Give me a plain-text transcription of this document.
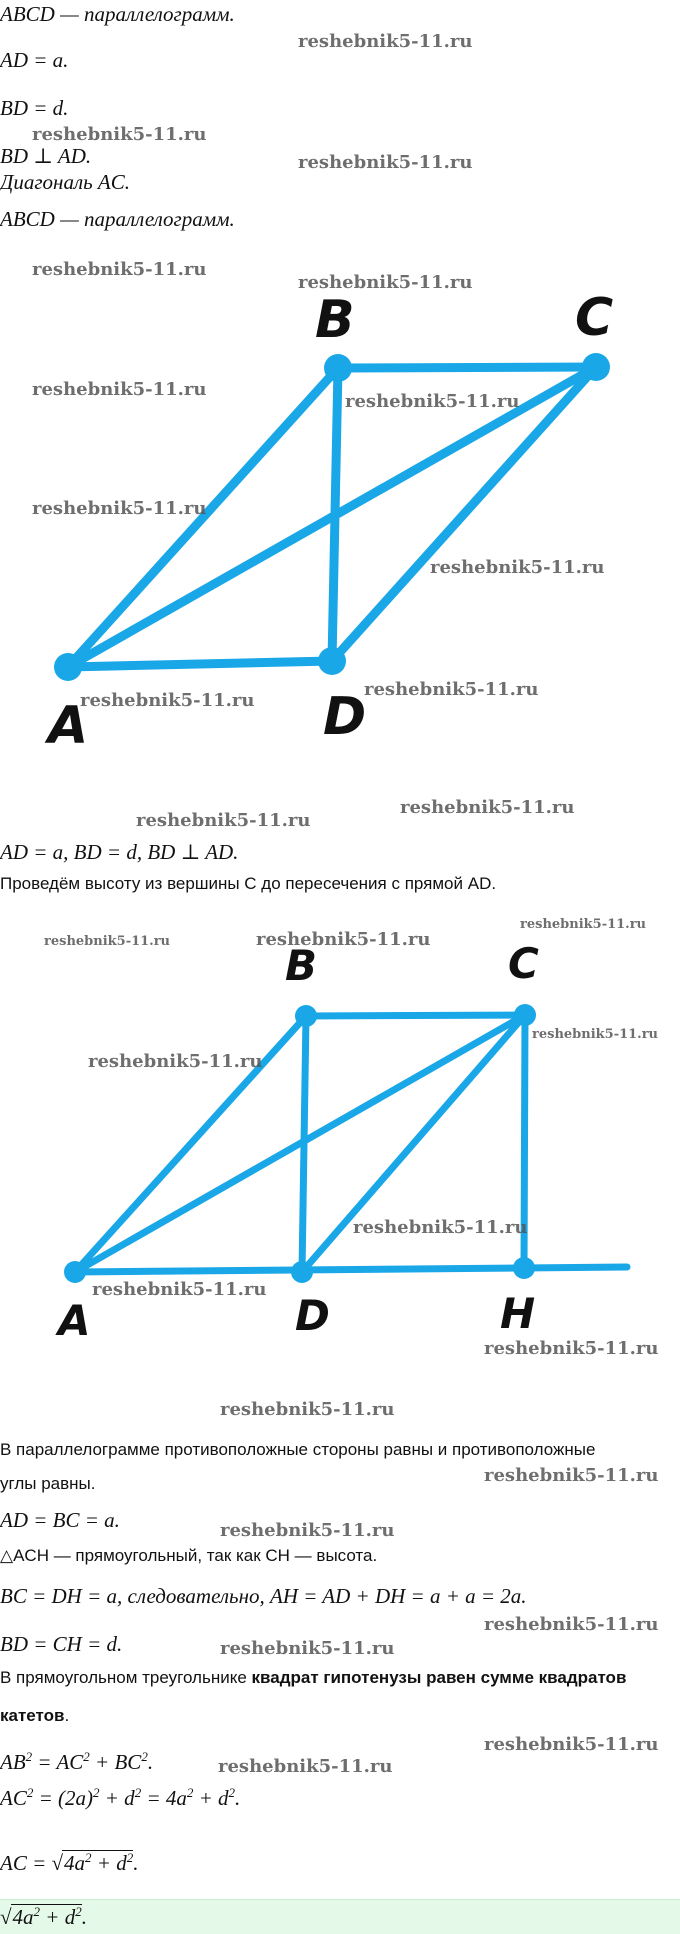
ABCD — параллелограмм.
AD = a.
BD = d.
BD ⊥ AD.
Диагональ AC.
ABCD — параллелограмм.
A
B	C
D
AD = a, BD = d, BD ⊥ AD.
Проведём высоту из вершины C до пересечения с прямой AD.
A
B	C
D	H
В параллелограмме противоположные стороны равны и противоположные
углы равны.
AD = BC = a.
△ACH — прямоугольный, так как CH — высота.
BC = DH = a, следовательно, AH = AD + DH = a + a = 2a.
BD = CH = d.
В прямоугольном треугольнике квадрат гипотенузы равен сумме квадратов
катетов.
$AB^2 = AC^2 + BC^2$.
$AC^2 = (2a)^2 + d^2 = 4a^2 + d^2$.
AC = $√4a^2 + d^2$.
$√4a^2 + d^2$.
reshebnik5-11.ru
reshebnik5-11.ru
reshebnik5-11.ru
reshebnik5-11.ru
reshebnik5-11.ru
reshebnik5-11.ru
reshebnik5-11.ru
reshebnik5-11.ru
reshebnik5-11.ru
reshebnik5-11.ru
reshebnik5-11.ru
reshebnik5-11.ru
reshebnik5-11.ru
reshebnik5-11.ru
reshebnik5-11.ru	reshebnik5-11.ru
reshebnik5-11.ru
reshebnik5-11.ru
reshebnik5-11.ru
reshebnik5-11.ru
reshebnik5-11.ru
reshebnik5-11.ru
reshebnik5-11.ru
reshebnik5-11.ru
reshebnik5-11.ru
reshebnik5-11.ru
reshebnik5-11.ru
reshebnik5-11.ru
